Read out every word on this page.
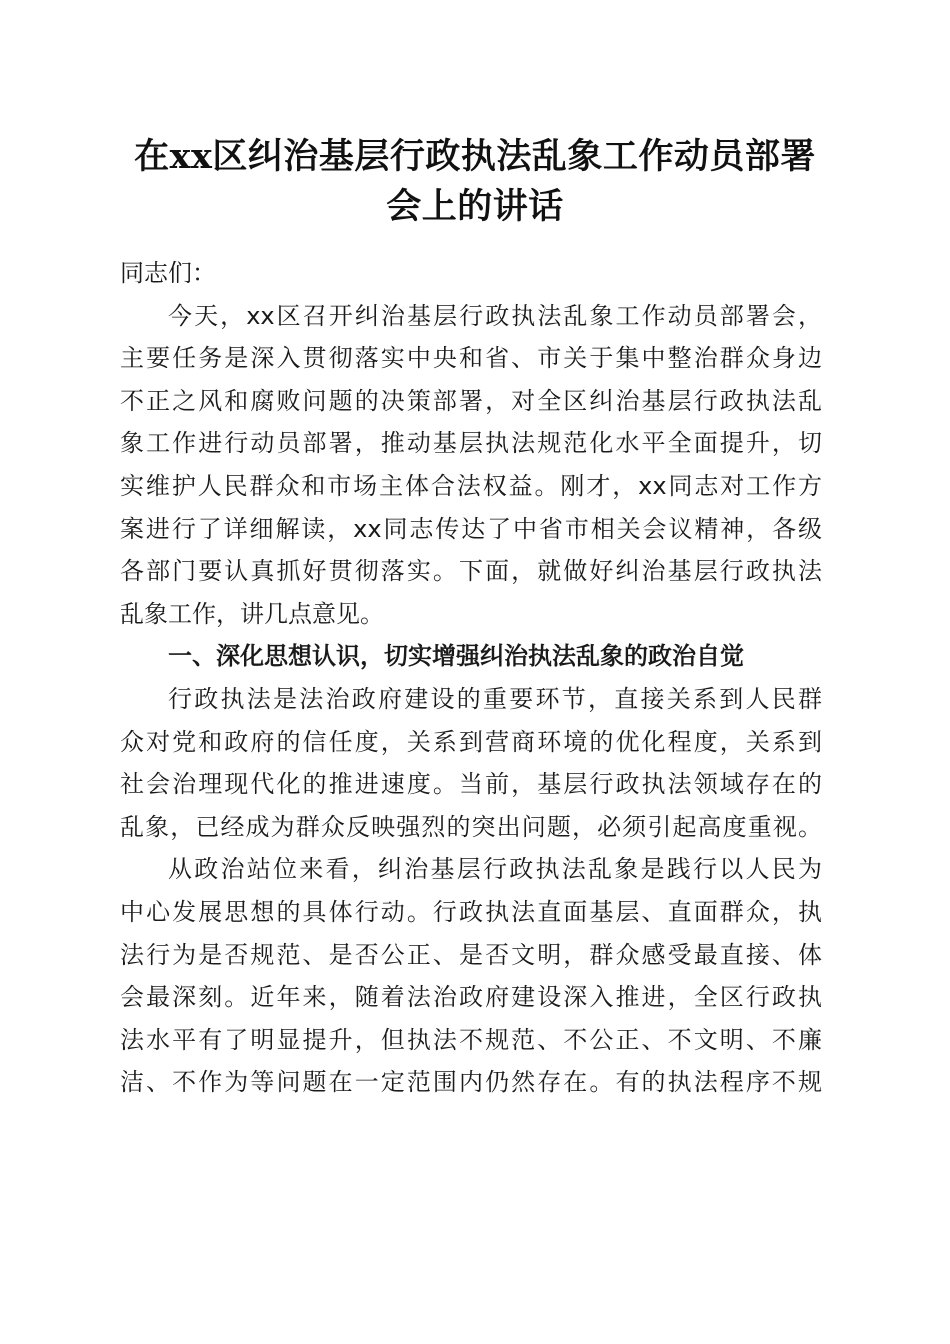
在xx区纠治基层行政执法乱象工作动员部署
会上的讲话
同志们：
今天，xx区召开纠治基层行政执法乱象工作动员部署会，
主要任务是深入贯彻落实中央和省、市关于集中整治群众身边
不正之风和腐败问题的决策部署，对全区纠治基层行政执法乱
象工作进行动员部署，推动基层执法规范化水平全面提升，切
实维护人民群众和市场主体合法权益。刚才，xx同志对工作方
案进行了详细解读，xx同志传达了中省市相关会议精神，各级
各部门要认真抓好贯彻落实。下面，就做好纠治基层行政执法
乱象工作，讲几点意见。
一、深化思想认识，切实增强纠治执法乱象的政治自觉
行政执法是法治政府建设的重要环节，直接关系到人民群
众对党和政府的信任度，关系到营商环境的优化程度，关系到
社会治理现代化的推进速度。当前，基层行政执法领域存在的
乱象，已经成为群众反映强烈的突出问题，必须引起高度重视。
从政治站位来看，纠治基层行政执法乱象是践行以人民为
中心发展思想的具体行动。行政执法直面基层、直面群众，执
法行为是否规范、是否公正、是否文明，群众感受最直接、体
会最深刻。近年来，随着法治政府建设深入推进，全区行政执
法水平有了明显提升，但执法不规范、不公正、不文明、不廉
洁、不作为等问题在一定范围内仍然存在。有的执法程序不规
